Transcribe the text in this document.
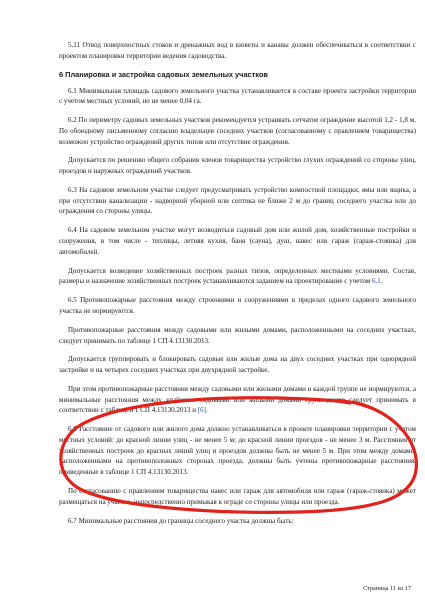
5.11 Отвод поверхностных стоков и дренажных вод в кюветы и канавы должен обеспечиваться в соответствии с проектом планировки территории ведения садоводства.

6 Планировка и застройка садовых земельных участков

6.1 Минимальная площадь садового земельного участка устанавливается в составе проекта застройки территории с учетом местных условий, но не менее 0,04 га.

6.2 По периметру садовых земельных участков рекомендуется устраивать сетчатое ограждение высотой 1,2 - 1,8 м. По обоюдному письменному согласию владельцев соседних участков (согласованному с правлением товарищества) возможно устройство ограждений других типов или отсутствие ограждения.

Допускается по решению общего собрания членов товарищества устройство глухих ограждений со стороны улиц, проездов и наружных ограждений участков.

6.3 На садовом земельном участке следует предусматривать устройство компостной площадки, ямы или ящика, а при отсутствии канализации - надворной уборной или септика не ближе 2 м до границ соседнего участка или до ограждения со стороны улицы.

6.4 На садовом земельном участке могут возводиться садовый дом или жилой дом, хозяйственные постройки и сооружения, в том числе - теплицы, летняя кухня, баня (сауна), душ, навес или гараж (гараж-стоянка) для автомобилей.

Допускается возведение хозяйственных построек разных типов, определенных местными условиями. Состав, размеры и назначение хозяйственных построек устанавливаются заданием на проектирование с учетом 6.1.

6.5 Противопожарные расстояния между строениями и сооружениями в пределах одного садового земельного участка не нормируются.

Противопожарные расстояния между садовыми или жилыми домами, расположенными на соседних участках, следует принимать по таблице 1 СП 4.13130.2013.

Допускается группировать и блокировать садовые или жилые дома на двух соседних участках при однорядной застройке и на четырех соседних участках при двухрядной застройке.

При этом противопожарные расстояния между садовыми или жилыми домами в каждой группе не нормируются, а минимальные расстояния между крайними садовыми или жилыми домами групп домов следует принимать в соответствии с таблицей 1 СП 4.13130.2013 и [6].

6.6 Расстояние от садового или жилого дома должно устанавливаться в проекте планировки территории с учетом местных условий: до красной линии улиц - не менее 5 м; до красной линии проездов - не менее 3 м. Расстояния от хозяйственных построек до красных линий улиц и проездов должны быть не менее 5 м. При этом между домами, расположенными на противоположных сторонах проезда, должны быть учтены противопожарные расстояния, приведенные в таблице 1 СП 4.13130.2013.

По согласованию с правлением товарищества навес или гараж для автомобиля или гараж (гараж-стоянка) может размещаться на участке, непосредственно примыкая к ограде со стороны улицы или проезда.

6.7 Минимальные расстояния до границы соседнего участка должны быть:

Страница 11 из 17
